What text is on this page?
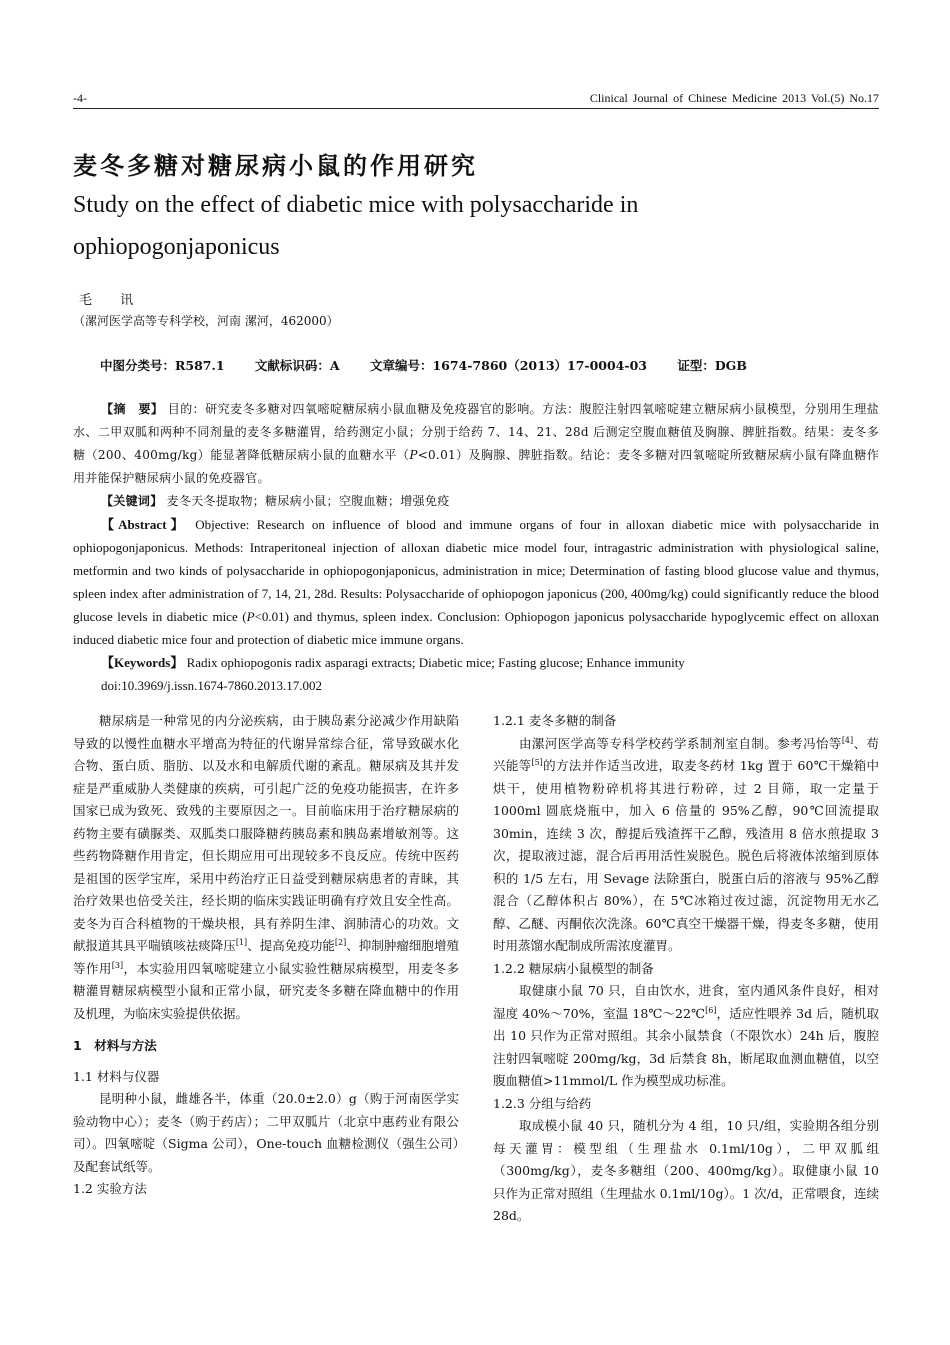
-4-	Clinical Journal of Chinese Medicine 2013 Vol.(5) No.17
麦冬多糖对糖尿病小鼠的作用研究
Study on the effect of diabetic mice with polysaccharide in ophiopogonjaponicus
毛 讯
（漯河医学高等专科学校，河南 漯河，462000）
中图分类号：R587.1 文献标识码：A 文章编号：1674-7860（2013）17-0004-03 证型：DGB

【摘　要】 目的：研究麦冬多糖对四氧嘧啶糖尿病小鼠血糖及免疫器官的影响。方法：腹腔注射四氧嘧啶建立糖尿病小鼠模型，分别用生理盐水、二甲双胍和两种不同剂量的麦冬多糖灌胃，给药测定小鼠；分别于给药 7、14、21、28d 后测定空腹血糖值及胸腺、脾脏指数。结果：麦冬多糖（200、400mg/kg）能显著降低糖尿病小鼠的血糖水平（P<0.01）及胸腺、脾脏指数。结论：麦冬多糖对四氧嘧啶所致糖尿病小鼠有降血糖作用并能保护糖尿病小鼠的免疫器官。

【关键词】 麦冬天冬提取物；糖尿病小鼠；空腹血糖；增强免疫

【Abstract】 Objective: Research on influence of blood and immune organs of four in alloxan diabetic mice with polysaccharide in ophiopogonjaponicus. Methods: Intraperitoneal injection of alloxan diabetic mice model four, intragastric administration with physiological saline, metformin and two kinds of polysaccharide in ophiopogonjaponicus, administration in mice; Determination of fasting blood glucose value and thymus, spleen index after administration of 7, 14, 21, 28d. Results: Polysaccharide of ophiopogon japonicus (200, 400mg/kg) could significantly reduce the blood glucose levels in diabetic mice (P<0.01) and thymus, spleen index. Conclusion: Ophiopogon japonicus polysaccharide hypoglycemic effect on alloxan induced diabetic mice four and protection of diabetic mice immune organs.

【Keywords】 Radix ophiopogonis radix asparagi extracts; Diabetic mice; Fasting glucose; Enhance immunity

doi:10.3969/j.issn.1674-7860.2013.17.002

糖尿病是一种常见的内分泌疾病，由于胰岛素分泌减少作用缺陷导致的以慢性血糖水平增高为特征的代谢异常综合征，常导致碳水化合物、蛋白质、脂肪、以及水和电解质代谢的紊乱。糖尿病及其并发症是严重威胁人类健康的疾病，可引起广泛的免疫功能损害，在许多国家已成为致死、致残的主要原因之一。目前临床用于治疗糖尿病的药物主要有磺脲类、双胍类口服降糖药胰岛素和胰岛素增敏剂等。这些药物降糖作用肯定，但长期应用可出现较多不良反应。传统中医药是祖国的医学宝库，采用中药治疗正日益受到糖尿病患者的青睐，其治疗效果也倍受关注，经长期的临床实践证明确有疗效且安全性高。麦冬为百合科植物的干燥块根，具有养阴生津、润肺清心的功效。文献报道其具平喘镇咳祛痰降压[1]、提高免疫功能[2]、抑制肿瘤细胞增殖等作用[3]，本实验用四氧嘧啶建立小鼠实验性糖尿病模型，用麦冬多糖灌胃糖尿病模型小鼠和正常小鼠，研究麦冬多糖在降血糖中的作用及机理，为临床实验提供依据。

1　材料与方法

1.1 材料与仪器

昆明种小鼠，雌雄各半，体重（20.0±2.0）g（购于河南医学实验动物中心）；麦冬（购于药店）；二甲双胍片（北京中惠药业有限公司）。四氧嘧啶（Sigma 公司），One-touch 血糖检测仪（强生公司）及配套试纸等。

1.2 实验方法

1.2.1 麦冬多糖的制备

由漯河医学高等专科学校药学系制剂室自制。参考冯怡等[4]、苟兴能等[5]的方法并作适当改进，取麦冬药材 1kg 置于 60℃干燥箱中烘干，使用植物粉碎机将其进行粉碎，过 2 目筛，取一定量于 1000ml 圆底烧瓶中，加入 6 倍量的 95%乙醇，90℃回流提取 30min，连续 3 次，醇提后残渣挥干乙醇，残渣用 8 倍水煎提取 3 次，提取液过滤，混合后再用活性炭脱色。脱色后将液体浓缩到原体积的 1/5 左右，用 Sevage 法除蛋白，脱蛋白后的溶液与 95%乙醇混合（乙醇体积占 80%），在 5℃冰箱过夜过滤，沉淀物用无水乙醇、乙醚、丙酮依次洗涤。60℃真空干燥器干燥，得麦冬多糖，使用时用蒸馏水配制成所需浓度灌胃。

1.2.2 糖尿病小鼠模型的制备

取健康小鼠 70 只，自由饮水，进食，室内通风条件良好，相对湿度 40%～70%，室温 18℃～22℃[6]，适应性喂养 3d 后，随机取出 10 只作为正常对照组。其余小鼠禁食（不限饮水）24h 后，腹腔注射四氧嘧啶 200mg/kg，3d 后禁食 8h，断尾取血测血糖值，以空腹血糖值>11mmol/L 作为模型成功标准。

1.2.3 分组与给药

取成模小鼠 40 只，随机分为 4 组，10 只/组，实验期各组分别每天灌胃：模型组（生理盐水 0.1ml/10g），二甲双胍组（300mg/kg），麦冬多糖组（200、400mg/kg）。取健康小鼠 10 只作为正常对照组（生理盐水 0.1ml/10g）。1 次/d，正常喂食，连续 28d。
